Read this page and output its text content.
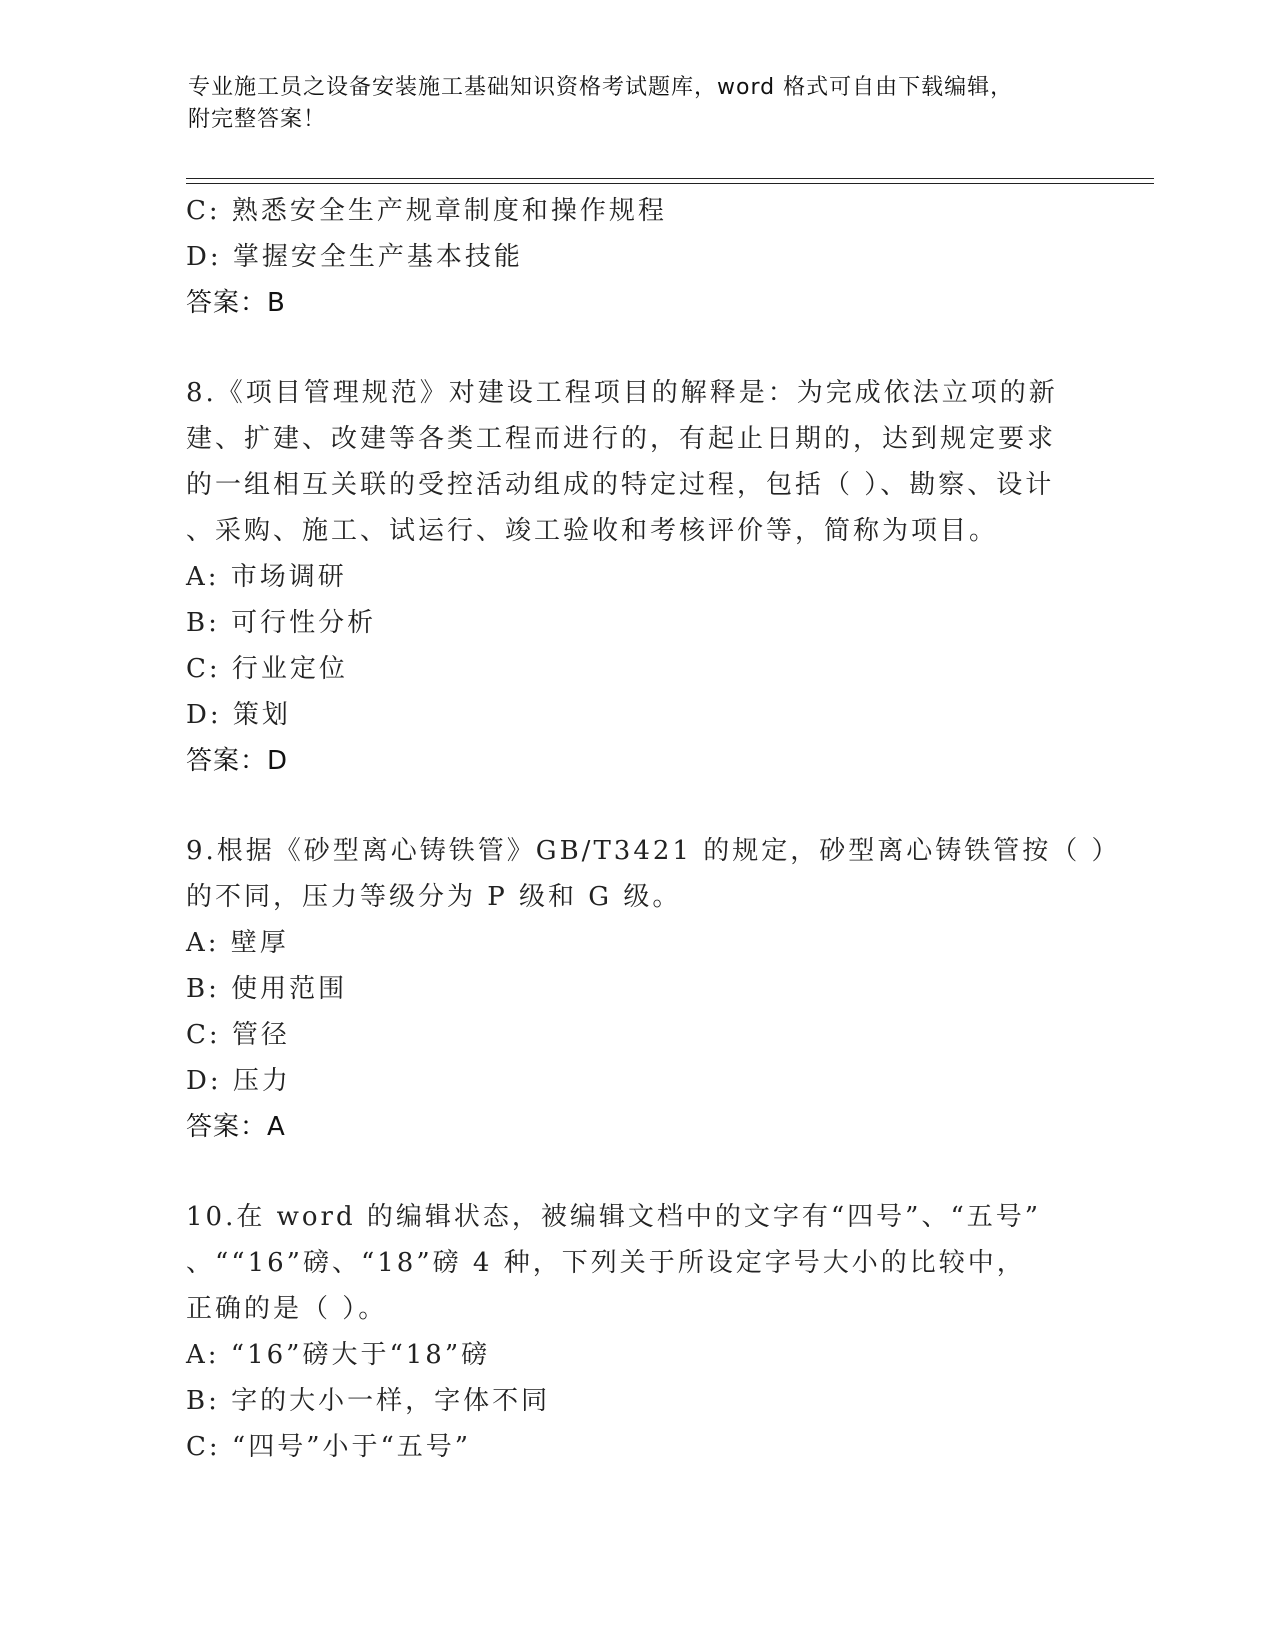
专业施工员之设备安装施工基础知识资格考试题库，word 格式可自由下载编辑，
附完整答案！
C: 熟悉安全生产规章制度和操作规程
D: 掌握安全生产基本技能
答案：B
8.《项目管理规范》对建设工程项目的解释是：为完成依法立项的新
建、扩建、改建等各类工程而进行的，有起止日期的，达到规定要求
的一组相互关联的受控活动组成的特定过程，包括（ ）、勘察、设计
、采购、施工、试运行、竣工验收和考核评价等，简称为项目。
A: 市场调研
B: 可行性分析
C: 行业定位
D: 策划
答案：D
9.根据《砂型离心铸铁管》GB/T3421 的规定，砂型离心铸铁管按（ ）
的不同，压力等级分为 P 级和 G 级。
A: 壁厚
B: 使用范围
C: 管径
D: 压力
答案：A
10.在 word 的编辑状态，被编辑文档中的文字有“四号”、“五号”
、““16”磅、“18”磅 4 种，下列关于所设定字号大小的比较中，
正确的是（ ）。
A: “16”磅大于“18”磅
B: 字的大小一样，字体不同
C: “四号”小于“五号”
